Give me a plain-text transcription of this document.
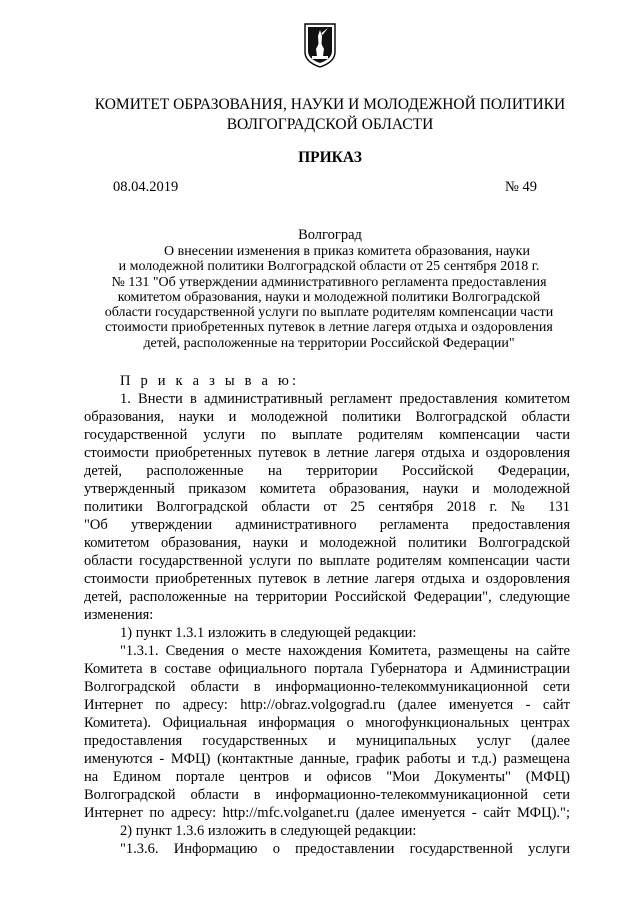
КОМИТЕТ ОБРАЗОВАНИЯ, НАУКИ И МОЛОДЕЖНОЙ ПОЛИТИКИ
ВОЛГОГРАДСКОЙ ОБЛАСТИ
ПРИКАЗ
08.04.2019	№ 49
Волгоград
О внесении изменения в приказ комитета образования, науки
и молодежной политики Волгоградской области от 25 сентября 2018 г.
№ 131 "Об утверждении административного регламента предоставления
комитетом образования, науки и молодежной политики Волгоградской
области государственной услуги по выплате родителям компенсации части
стоимости приобретенных путевок в летние лагеря отдыха и оздоровления
детей, расположенные на территории Российской Федерации"
П р и к а з ы в а ю:
1. Внести в административный регламент предоставления комитетом
образования, науки и молодежной политики Волгоградской области
государственной услуги по выплате родителям компенсации части
стоимости приобретенных путевок в летние лагеря отдыха и оздоровления
детей, расположенные на территории Российской Федерации,
утвержденный приказом комитета образования, науки и молодежной
политики Волгоградской области от 25 сентября 2018 г. № 131
"Об утверждении административного регламента предоставления
комитетом образования, науки и молодежной политики Волгоградской
области государственной услуги по выплате родителям компенсации части
стоимости приобретенных путевок в летние лагеря отдыха и оздоровления
детей, расположенные на территории Российской Федерации", следующие
изменения:
1) пункт 1.3.1 изложить в следующей редакции:
"1.3.1. Сведения о месте нахождения Комитета, размещены на сайте
Комитета в составе официального портала Губернатора и Администрации
Волгоградской области в информационно-телекоммуникационной сети
Интернет по адресу: http://obraz.volgograd.ru (далее именуется - сайт
Комитета). Официальная информация о многофункциональных центрах
предоставления государственных и муниципальных услуг (далее
именуются - МФЦ) (контактные данные, график работы и т.д.) размещена
на Едином портале центров и офисов "Мои Документы" (МФЦ)
Волгоградской области в информационно-телекоммуникационной сети
Интернет по адресу: http://mfc.volganet.ru (далее именуется - сайт МФЦ).";
2) пункт 1.3.6 изложить в следующей редакции:
"1.3.6. Информацию о предоставлении государственной услуги
